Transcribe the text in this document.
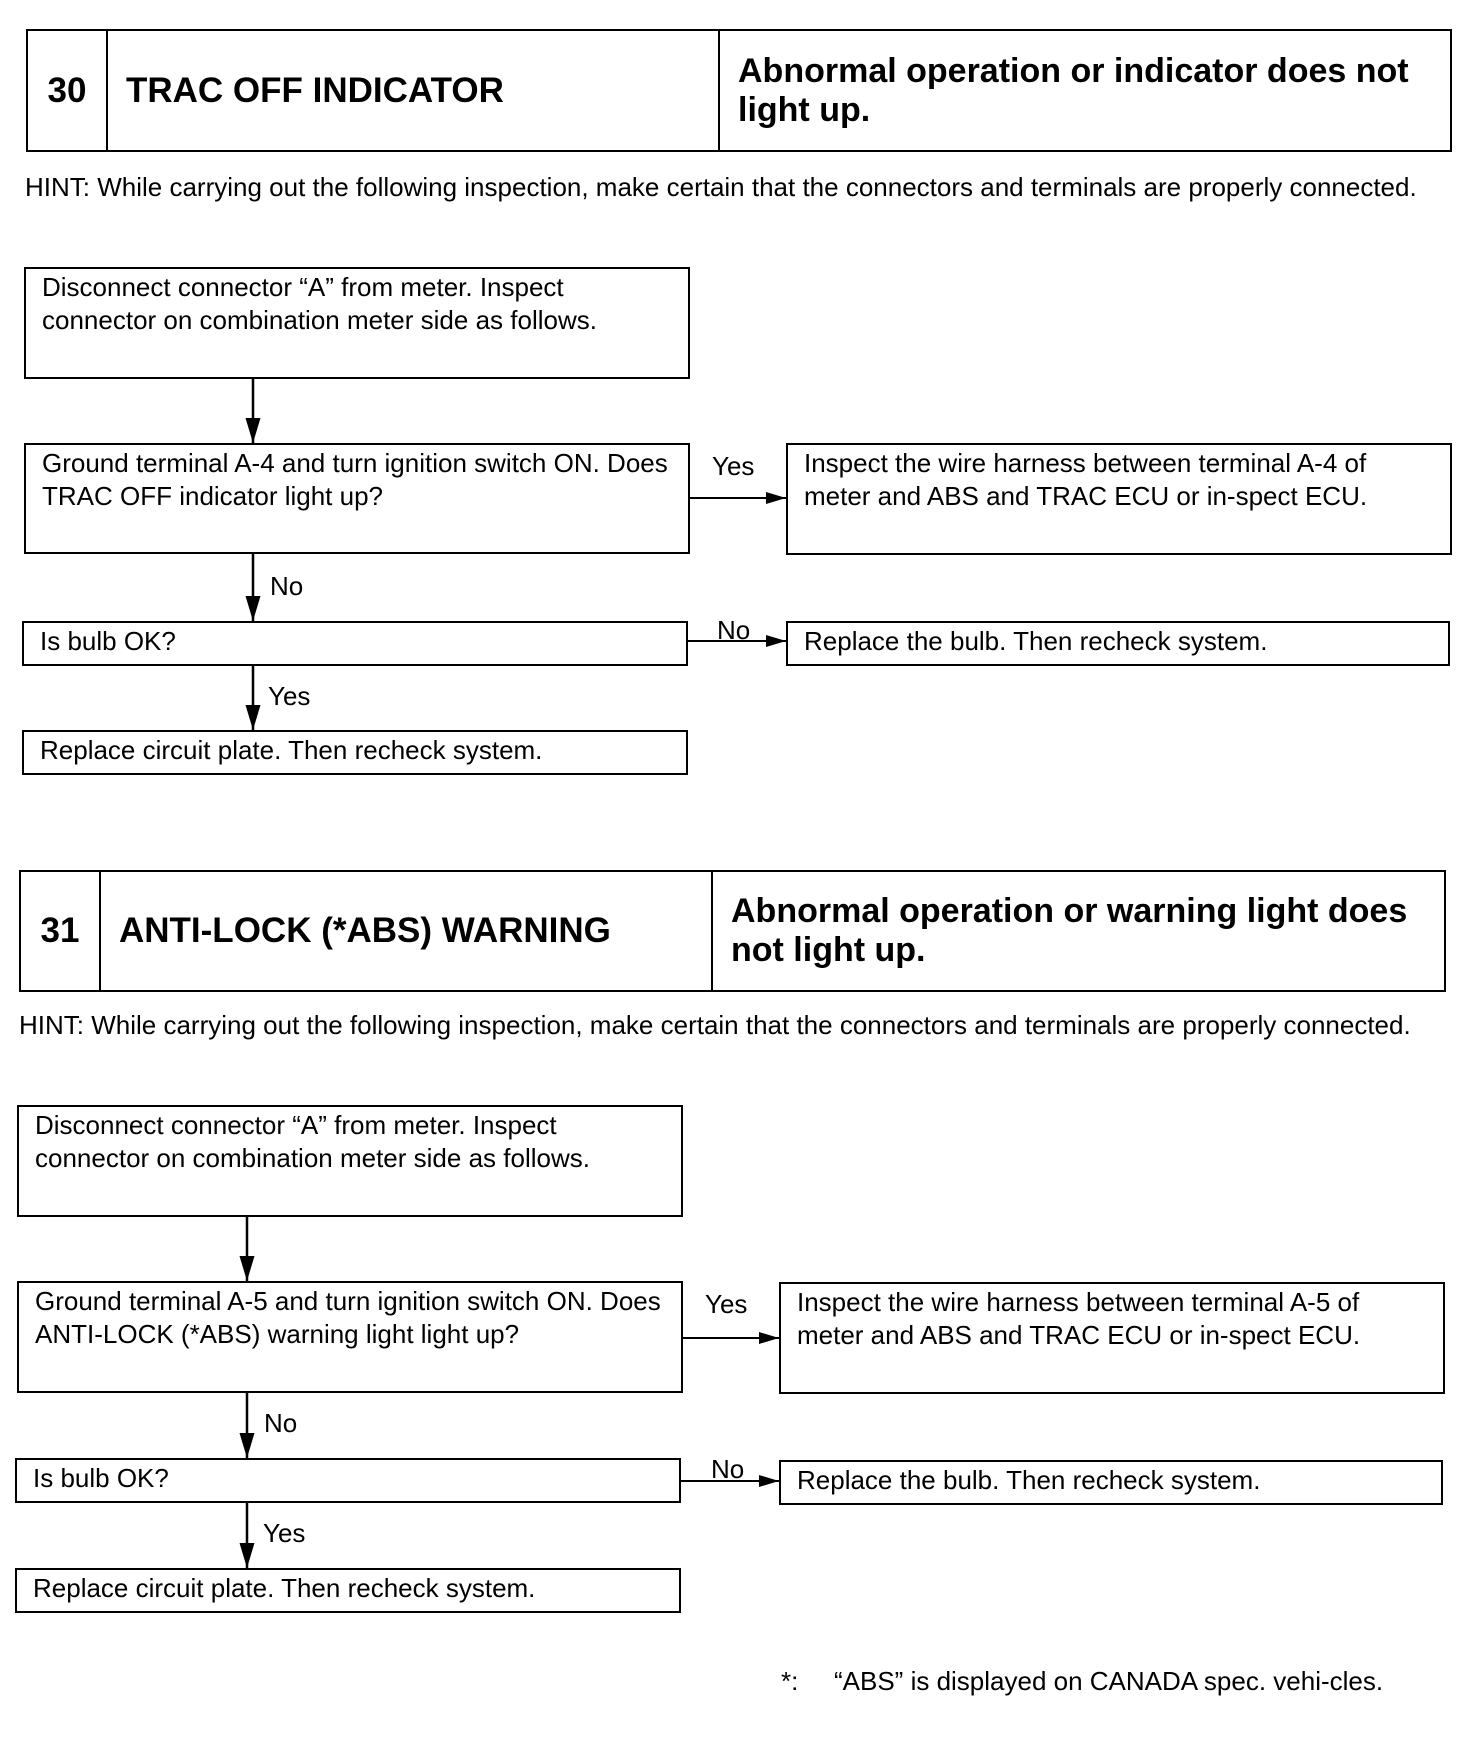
30	TRAC OFF INDICATOR	Abnormal operation or indicator does not light up.
HINT: While carrying out the following inspection, make certain that the connectors and terminals are properly connected.
Disconnect connector “A” from meter. Inspect connector on combination meter side as follows.
Ground terminal A-4 and turn ignition switch ON. Does TRAC OFF indicator light up?
Yes	Inspect the wire harness between terminal A-4 of meter and ABS and TRAC ECU or in-spect ECU.
No
Is bulb OK?	No	Replace the bulb. Then recheck system.
Yes
Replace circuit plate. Then recheck system.
31	ANTI-LOCK (*ABS) WARNING	Abnormal operation or warning light does not light up.
HINT: While carrying out the following inspection, make certain that the connectors and terminals are properly connected.
Disconnect connector “A” from meter. Inspect connector on combination meter side as follows.
Ground terminal A-5 and turn ignition switch ON. Does ANTI-LOCK (*ABS) warning light light up?
Yes	Inspect the wire harness between terminal A-5 of meter and ABS and TRAC ECU or in-spect ECU.
No
Is bulb OK?	No	Replace the bulb. Then recheck system.
Yes
Replace circuit plate. Then recheck system.
*:	“ABS” is displayed on CANADA spec. vehi-cles.
